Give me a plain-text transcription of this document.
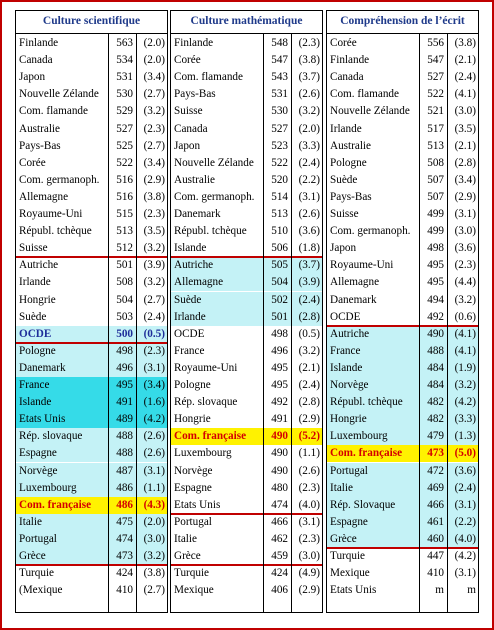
Culture scientifique
Finlande	563 (2.0)
Canada	534 (2.0)
Japon	531 (3.4)
Nouvelle Zélande	530 (2.7)
Com. flamande	529 (3.2)
Australie	527 (2.3)
Pays-Bas	525 (2.7)
Corée	522 (3.4)
Com. germanoph.	516 (2.9)
Allemagne	516 (3.8)
Royaume-Uni	515 (2.3)
Républ. tchèque	513 (3.5)
Suisse	512 (3.2)
Autriche	501 (3.9)
Irlande	508 (3.2)
Hongrie	504 (2.7)
Suède	503 (2.4)
OCDE	500 (0.5)
Pologne	498 (2.3)
Danemark	496 (3.1)
France	495 (3.4)
Islande	491 (1.6)
Etats Unis	489 (4.2)
Rép. slovaque	488 (2.6)
Espagne	488 (2.6)
Norvège	487 (3.1)
Luxembourg	486 (1.1)
Com. française	486 (4.3)
Italie	475 (2.0)
Portugal	474 (3.0)
Grèce	473 (3.2)
Turquie	424 (3.8)
(Mexique	410 (2.7)
Culture mathématique
Finlande	548 (2.3)
Corée	547 (3.8)
Com. flamande	543 (3.7)
Pays-Bas	531 (2.6)
Suisse	530 (3.2)
Canada	527 (2.0)
Japon	523 (3.3)
Nouvelle Zélande	522 (2.4)
Australie	520 (2.2)
Com. germanoph.	514 (3.1)
Danemark	513 (2.6)
Républ. tchèque	510 (3.6)
Islande	506 (1.8)
Autriche	505 (3.7)
Allemagne	504 (3.9)
Suède	502 (2.4)
Irlande	501 (2.8)
OCDE	498 (0.5)
France	496 (3.2)
Royaume-Uni	495 (2.1)
Pologne	495 (2.4)
Rép. slovaque	492 (2.8)
Hongrie	491 (2.9)
Com. française	490 (5.2)
Luxembourg	490 (1.1)
Norvège	490 (2.6)
Espagne	480 (2.3)
Etats Unis	474 (4.0)
Portugal	466 (3.1)
Italie	462 (2.3)
Grèce	459 (3.0)
Turquie	424 (4.9)
Mexique	406 (2.9)
Compréhension de l’écrit
Corée	556 (3.8)
Finlande	547 (2.1)
Canada	527 (2.4)
Com. flamande	522 (4.1)
Nouvelle Zélande	521 (3.0)
Irlande	517 (3.5)
Australie	513 (2.1)
Pologne	508 (2.8)
Suède	507 (3.4)
Pays-Bas	507 (2.9)
Suisse	499 (3.1)
Com. germanoph.	499 (3.0)
Japon	498 (3.6)
Royaume-Uni	495 (2.3)
Allemagne	495 (4.4)
Danemark	494 (3.2)
OCDE	492 (0.6)
Autriche	490 (4.1)
France	488 (4.1)
Islande	484 (1.9)
Norvège	484 (3.2)
Républ. tchèque	482 (4.2)
Hongrie	482 (3.3)
Luxembourg	479 (1.3)
Com. française	473 (5.0)
Portugal	472 (3.6)
Italie	469 (2.4)
Rép. Slovaque	466 (3.1)
Espagne	461 (2.2)
Grèce	460 (4.0)
Turquie	447 (4.2)
Mexique	410 (3.1)
Etats Unis	m	m
